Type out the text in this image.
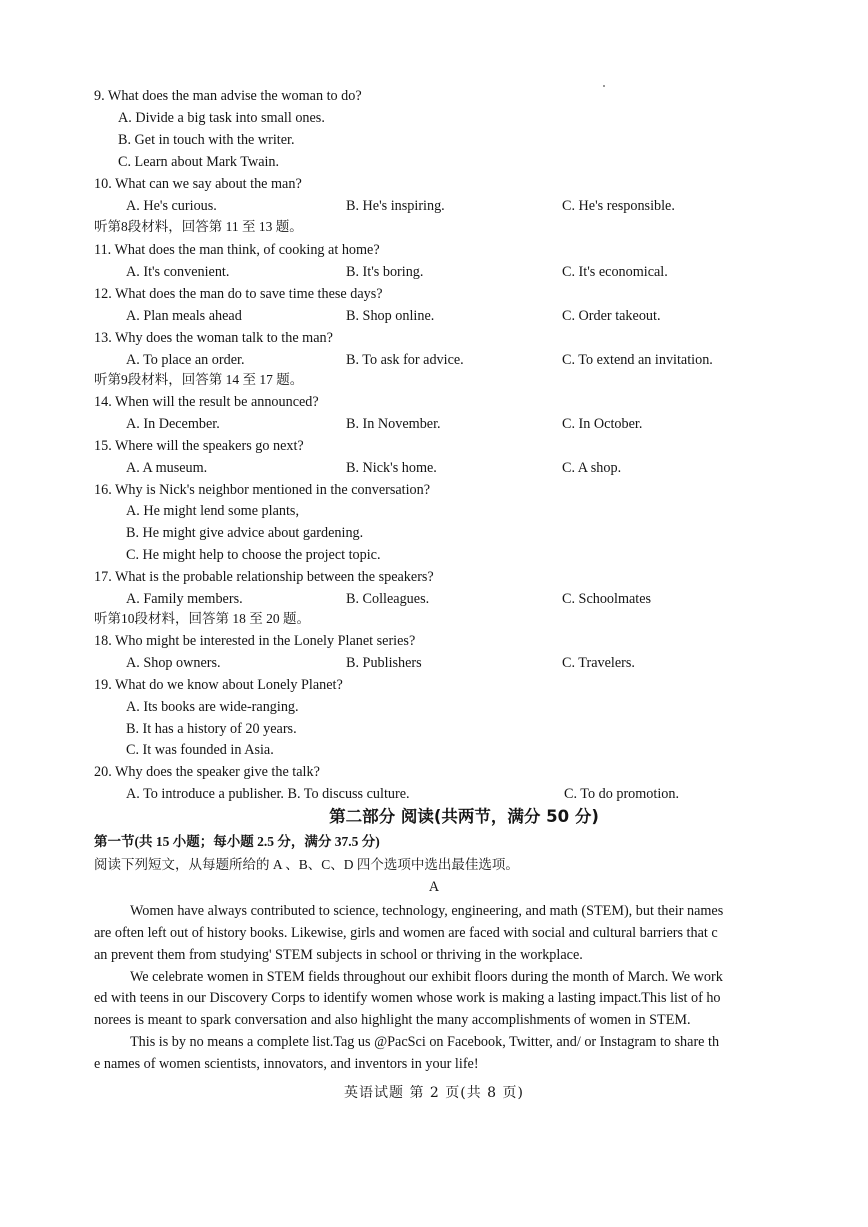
9. What does the man advise the woman to do?
A. Divide a big task into small ones.
B. Get in touch with the writer.
C. Learn about Mark Twain.
10. What can we say about the man?
A. He's curious.	B. He's inspiring.	C. He's responsible.
听第8段材料，回答第 11 至 13 题。
11. What does the man think, of cooking at home?
A. It's convenient.	B. It's boring.	C. It's economical.
12. What does the man do to save time these days?
A. Plan meals ahead	B. Shop online.	C. Order takeout.
13. Why does the woman talk to the man?
A. To place an order.	B. To ask for advice.	C. To extend an invitation.
听第9段材料，回答第 14 至 17 题。
14. When will the result be announced?
A. In December.	B. In November.	C. In October.
15. Where will the speakers go next?
A. A museum.	B. Nick's home.	C. A shop.
16. Why is Nick's neighbor mentioned in the conversation?
A. He might lend some plants,
B. He might give advice about gardening.
C. He might help to choose the project topic.
17. What is the probable relationship between the speakers?
A. Family members.	B. Colleagues.	C. Schoolmates
听第10段材料，回答第 18 至 20 题。
18. Who might be interested in the Lonely Planet series?
A. Shop owners.	B. Publishers	C. Travelers.
19. What do we know about Lonely Planet?
A. Its books are wide-ranging.
B. It has a history of 20 years.
C. It was founded in Asia.
20. Why does the speaker give the talk?
A. To introduce a publisher. B. To discuss culture.	C. To do promotion.
第二部分 阅读(共两节，满分 50 分)
第一节(共 15 小题；每小题 2.5 分，满分 37.5 分)
阅读下列短文，从每题所给的 A 、B、C、D 四个选项中选出最佳选项。
A
Women have always contributed to science, technology, engineering, and math (STEM), but their names
are often left out of history books. Likewise, girls and women are faced with social and cultural barriers that c
an prevent them from studying' STEM subjects in school or thriving in the workplace.
We celebrate women in STEM fields throughout our exhibit floors during the month of March. We work
ed with teens in our Discovery Corps to identify women whose work is making a lasting impact.This list of ho
norees is meant to spark conversation and also highlight the many accomplishments of women in STEM.
This is by no means a complete list.Tag us @PacSci on Facebook, Twitter, and/ or Instagram to share th
e names of women scientists, innovators, and inventors in your life!
英语试题 第 2 页(共 8 页)
